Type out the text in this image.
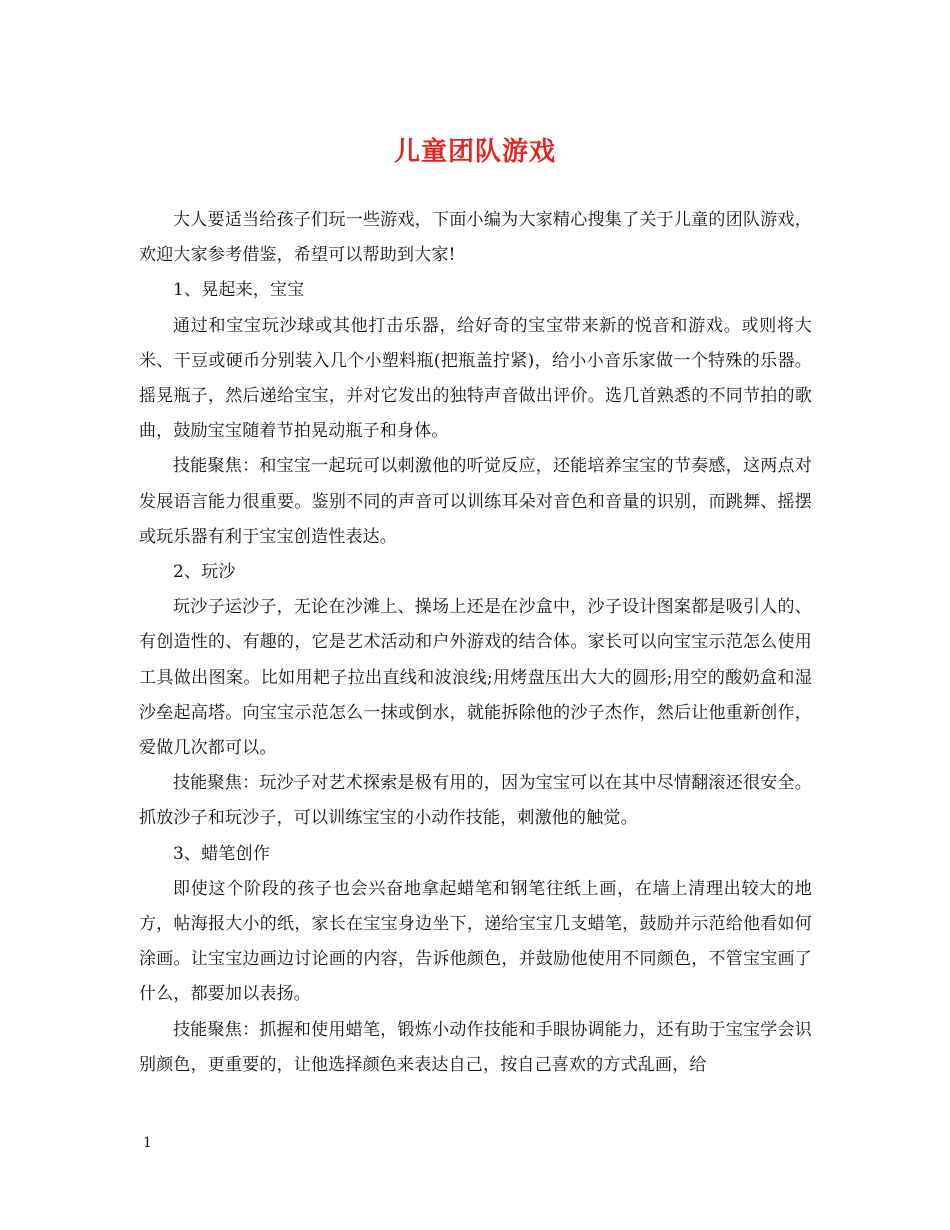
儿童团队游戏

大人要适当给孩子们玩一些游戏，下面小编为大家精心搜集了关于儿童的团队游戏，欢迎大家参考借鉴，希望可以帮助到大家!

1、晃起来，宝宝

通过和宝宝玩沙球或其他打击乐器，给好奇的宝宝带来新的悦音和游戏。或则将大米、干豆或硬币分别装入几个小塑料瓶(把瓶盖拧紧)，给小小音乐家做一个特殊的乐器。摇晃瓶子，然后递给宝宝，并对它发出的独特声音做出评价。选几首熟悉的不同节拍的歌曲，鼓励宝宝随着节拍晃动瓶子和身体。

技能聚焦：和宝宝一起玩可以刺激他的听觉反应，还能培养宝宝的节奏感，这两点对发展语言能力很重要。鉴别不同的声音可以训练耳朵对音色和音量的识别，而跳舞、摇摆或玩乐器有利于宝宝创造性表达。

2、玩沙

玩沙子运沙子，无论在沙滩上、操场上还是在沙盒中，沙子设计图案都是吸引人的、有创造性的、有趣的，它是艺术活动和户外游戏的结合体。家长可以向宝宝示范怎么使用工具做出图案。比如用耙子拉出直线和波浪线;用烤盘压出大大的圆形;用空的酸奶盒和湿沙垒起高塔。向宝宝示范怎么一抹或倒水，就能拆除他的沙子杰作，然后让他重新创作，爱做几次都可以。

技能聚焦：玩沙子对艺术探索是极有用的，因为宝宝可以在其中尽情翻滚还很安全。抓放沙子和玩沙子，可以训练宝宝的小动作技能，刺激他的触觉。

3、蜡笔创作

即使这个阶段的孩子也会兴奋地拿起蜡笔和钢笔往纸上画，在墙上清理出较大的地方，帖海报大小的纸，家长在宝宝身边坐下，递给宝宝几支蜡笔，鼓励并示范给他看如何涂画。让宝宝边画边讨论画的内容，告诉他颜色，并鼓励他使用不同颜色，不管宝宝画了什么，都要加以表扬。

技能聚焦：抓握和使用蜡笔，锻炼小动作技能和手眼协调能力，还有助于宝宝学会识别颜色，更重要的，让他选择颜色来表达自己，按自己喜欢的方式乱画，给

1
